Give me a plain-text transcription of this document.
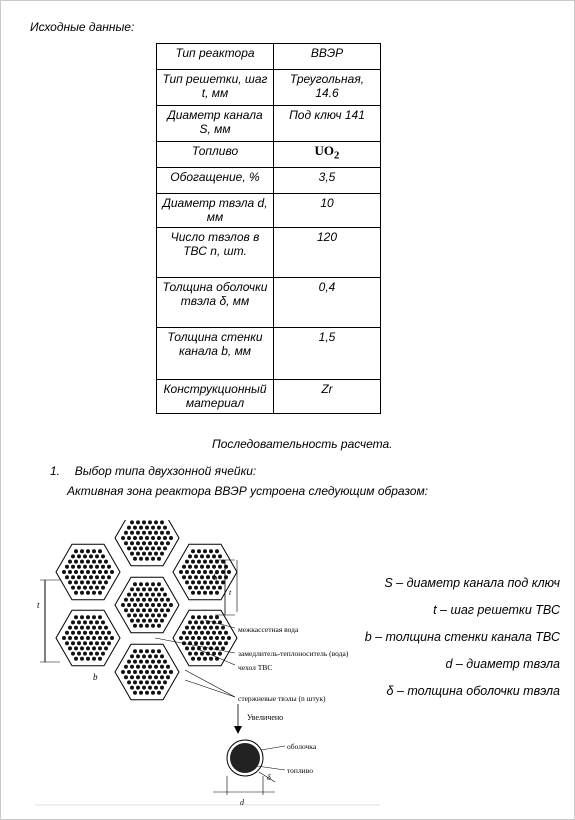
Исходные данные:
Тип реактора	ВВЭР
Тип решетки, шаг t, мм	Треугольная, 14.6
Диаметр канала S, мм	Под ключ 141
Топливо	$UO_2$
Обогащение, %	3,5
Диаметр твэла d, мм	10
Число твэлов в ТВС n, шт.	120
Толщина оболочки твэла δ, мм	0,4
Толщина стенки канала b, мм	1,5
Конструкционный материал	Zr
Последовательность расчета.
1. Выбор типа двухзонной ячейки:
Активная зона реактора ВВЭР устроена следующим образом:
t
S
t
b
межкассетная вода
замедлитель-теплоноситель (вода)
чехол ТВС
стержневые твэлы (n штук)
Увеличено
оболочка
топливо
d
δ
S – диаметр канала под ключ
t – шаг решетки ТВС
b – толщина стенки канала ТВС
d – диаметр твэла
δ – толщина оболочки твэла
